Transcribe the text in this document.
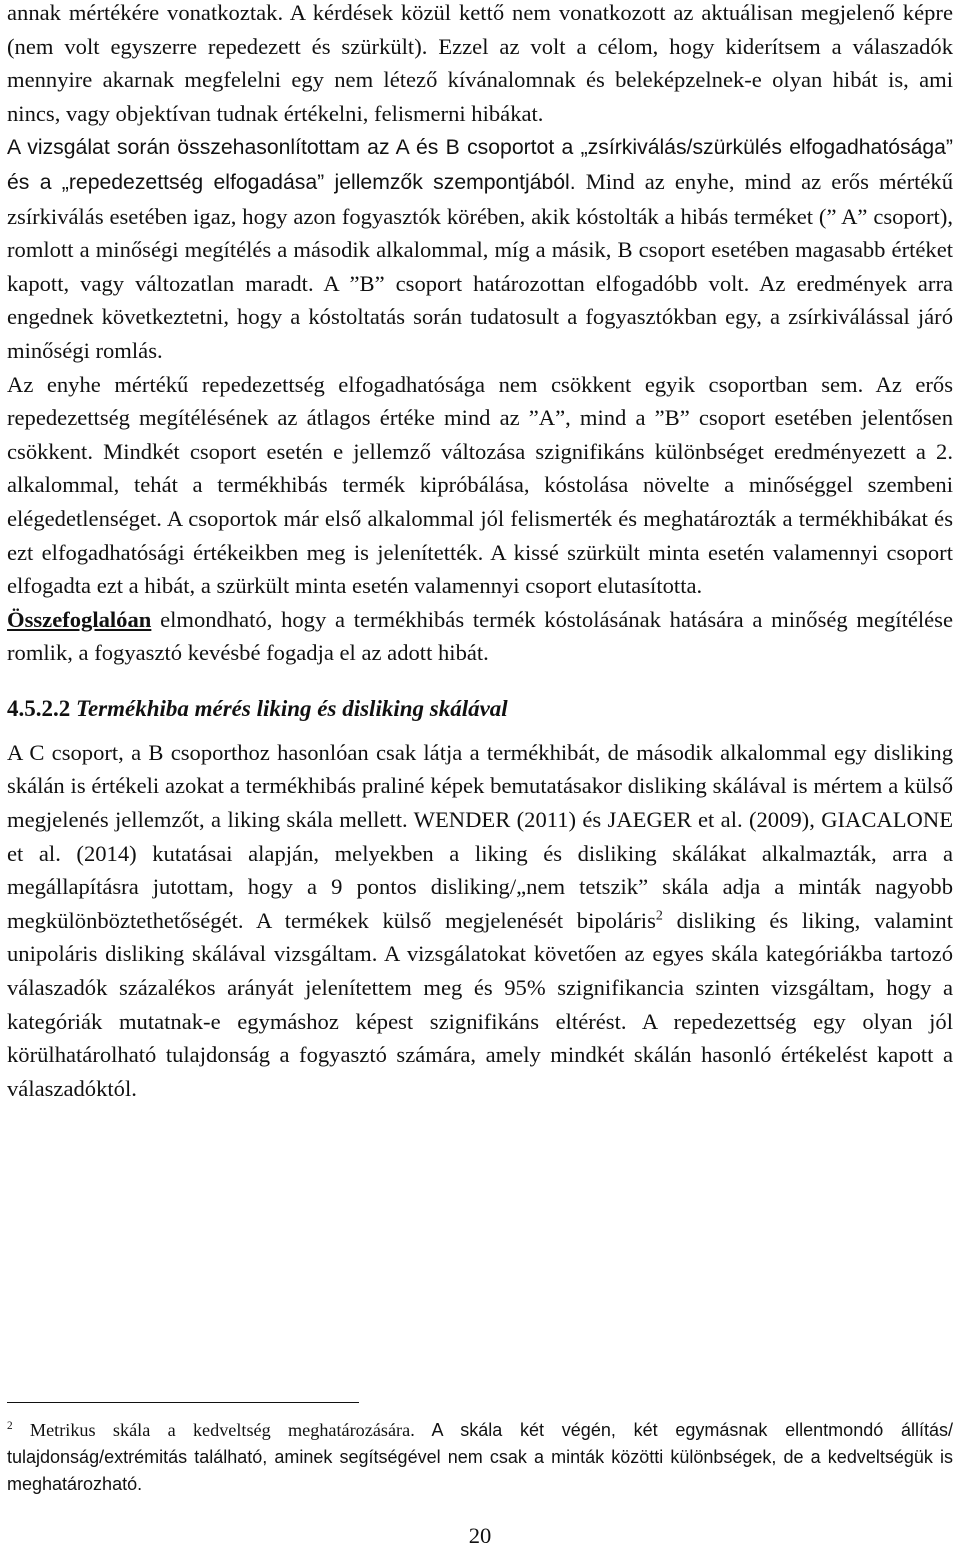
annak mértékére vonatkoztak. A kérdések közül kettő nem vonatkozott az aktuálisan megjelenő képre (nem volt egyszerre repedezett és szürkült). Ezzel az volt a célom, hogy kiderítsem a válaszadók mennyire akarnak megfelelni egy nem létező kívánalomnak és beleképzelnek-e olyan hibát is, ami nincs, vagy objektívan tudnak értékelni, felismerni hibákat.

A vizsgálat során összehasonlítottam az A és B csoportot a „zsírkiválás/szürkülés elfogadhatósága” és a „repedezettség elfogadása” jellemzők szempontjából. Mind az enyhe, mind az erős mértékű zsírkiválás esetében igaz, hogy azon fogyasztók körében, akik kóstolták a hibás terméket (” A” csoport), romlott a minőségi megítélés a második alkalommal, míg a másik, B csoport esetében magasabb értéket kapott, vagy változatlan maradt. A ”B” csoport határozottan elfogadóbb volt. Az eredmények arra engednek következtetni, hogy a kóstoltatás során tudatosult a fogyasztókban egy, a zsírkiválással járó minőségi romlás.

Az enyhe mértékű repedezettség elfogadhatósága nem csökkent egyik csoportban sem. Az erős repedezettség megítélésének az átlagos értéke mind az ”A”, mind a ”B” csoport esetében jelentősen csökkent. Mindkét csoport esetén e jellemző változása szignifikáns különbséget eredményezett a 2. alkalommal, tehát a termékhibás termék kipróbálása, kóstolása növelte a minőséggel szembeni elégedetlenséget. A csoportok már első alkalommal jól felismerték és meghatározták a termékhibákat és ezt elfogadhatósági értékeikben meg is jelenítették. A kissé szürkült minta esetén valamennyi csoport elfogadta ezt a hibát, a szürkült minta esetén valamennyi csoport elutasította.

Összefoglalóan elmondható, hogy a termékhibás termék kóstolásának hatására a minőség megítélése romlik, a fogyasztó kevésbé fogadja el az adott hibát.

4.5.2.2 Termékhiba mérés liking és disliking skálával

A C csoport, a B csoporthoz hasonlóan csak látja a termékhibát, de második alkalommal egy disliking skálán is értékeli azokat a termékhibás praliné képek bemutatásakor disliking skálával is mértem a külső megjelenés jellemzőt, a liking skála mellett. WENDER (2011) és JAEGER et al. (2009), GIACALONE et al. (2014) kutatásai alapján, melyekben a liking és disliking skálákat alkalmazták, arra a megállapításra jutottam, hogy a 9 pontos disliking/„nem tetszik” skála adja a minták nagyobb megkülönböztethetőségét. A termékek külső megjelenését bipoláris$^2$ disliking és liking, valamint unipoláris disliking skálával vizsgáltam. A vizsgálatokat követően az egyes skála kategóriákba tartozó válaszadók százalékos arányát jelenítettem meg és 95% szignifikancia szinten vizsgáltam, hogy a kategóriák mutatnak-e egymáshoz képest szignifikáns eltérést. A repedezettség egy olyan jól körülhatárolható tulajdonság a fogyasztó számára, amely mindkét skálán hasonló értékelést kapott a válaszadóktól.

$^2$ Metrikus skála a kedveltség meghatározására. A skála két végén, két egymásnak ellentmondó állítás/ tulajdonság/extrémitás található, aminek segítségével nem csak a minták közötti különbségek, de a kedveltségük is meghatározható.

20
